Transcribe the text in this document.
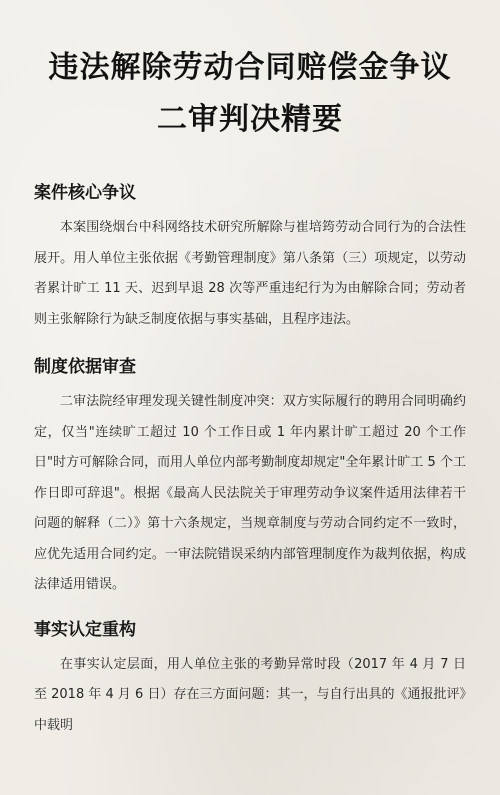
违法解除劳动合同赔偿金争议
二审判决精要
案件核心争议

本案围绕烟台中科网络技术研究所解除与崔培筠劳动合同行为的合法性展开。用人单位主张依据《考勤管理制度》第八条第（三）项规定，以劳动者累计旷工 11 天、迟到早退 28 次等严重违纪行为为由解除合同；劳动者则主张解除行为缺乏制度依据与事实基础，且程序违法。

制度依据审查

二审法院经审理发现关键性制度冲突：双方实际履行的聘用合同明确约定，仅当"连续旷工超过 10 个工作日或 1 年内累计旷工超过 20 个工作日"时方可解除合同，而用人单位内部考勤制度却规定"全年累计旷工 5 个工作日即可辞退"。根据《最高人民法院关于审理劳动争议案件适用法律若干问题的解释（二）》第十六条规定，当规章制度与劳动合同约定不一致时，应优先适用合同约定。一审法院错误采纳内部管理制度作为裁判依据，构成法律适用错误。

事实认定重构

在事实认定层面，用人单位主张的考勤异常时段（2017 年 4 月 7 日至 2018 年 4 月 6 日）存在三方面问题：其一，与自行出具的《通报批评》中载明
